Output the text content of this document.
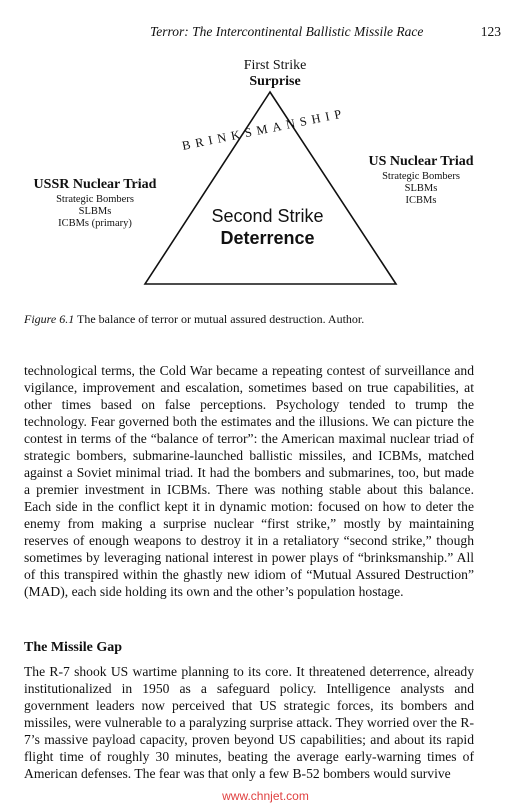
Terror: The Intercontinental Ballistic Missile Race	123
BRINKSMANSHIP
First Strike
Surprise
USSR Nuclear Triad
Strategic Bombers
SLBMs
ICBMs (primary)
US Nuclear Triad
Strategic Bombers
SLBMs
ICBMs
Second Strike
Deterrence
Figure 6.1 The balance of terror or mutual assured destruction. Author.
technological terms, the Cold War became a repeating contest of surveillance and vigilance, improvement and escalation, sometimes based on true capabilities, at other times based on false perceptions. Psychology tended to trump the technology. Fear governed both the estimates and the illusions. We can picture the contest in terms of the “balance of terror”: the American maximal nuclear triad of strategic bombers, submarine-launched ballistic missiles, and ICBMs, matched against a Soviet minimal triad. It had the bombers and submarines, too, but made a premier investment in ICBMs. There was nothing stable about this balance. Each side in the conflict kept it in dynamic motion: focused on how to deter the enemy from making a surprise nuclear “first strike,” mostly by maintaining reserves of enough weapons to destroy it in a retaliatory “second strike,” though sometimes by leveraging national interest in power plays of “brinksmanship.” All of this transpired within the ghastly new idiom of “Mutual Assured Destruction” (MAD), each side holding its own and the other’s population hostage.
The Missile Gap
The R-7 shook US wartime planning to its core. It threatened deterrence, already institutionalized in 1950 as a safeguard policy. Intelligence analysts and government leaders now perceived that US strategic forces, its bombers and missiles, were vulnerable to a paralyzing surprise attack. They worried over the R-7’s massive payload capacity, proven beyond US capabilities; and about its rapid flight time of roughly 30 minutes, beating the average early-warning times of American defenses. The fear was that only a few B-52 bombers would survive
www.chnjet.com
